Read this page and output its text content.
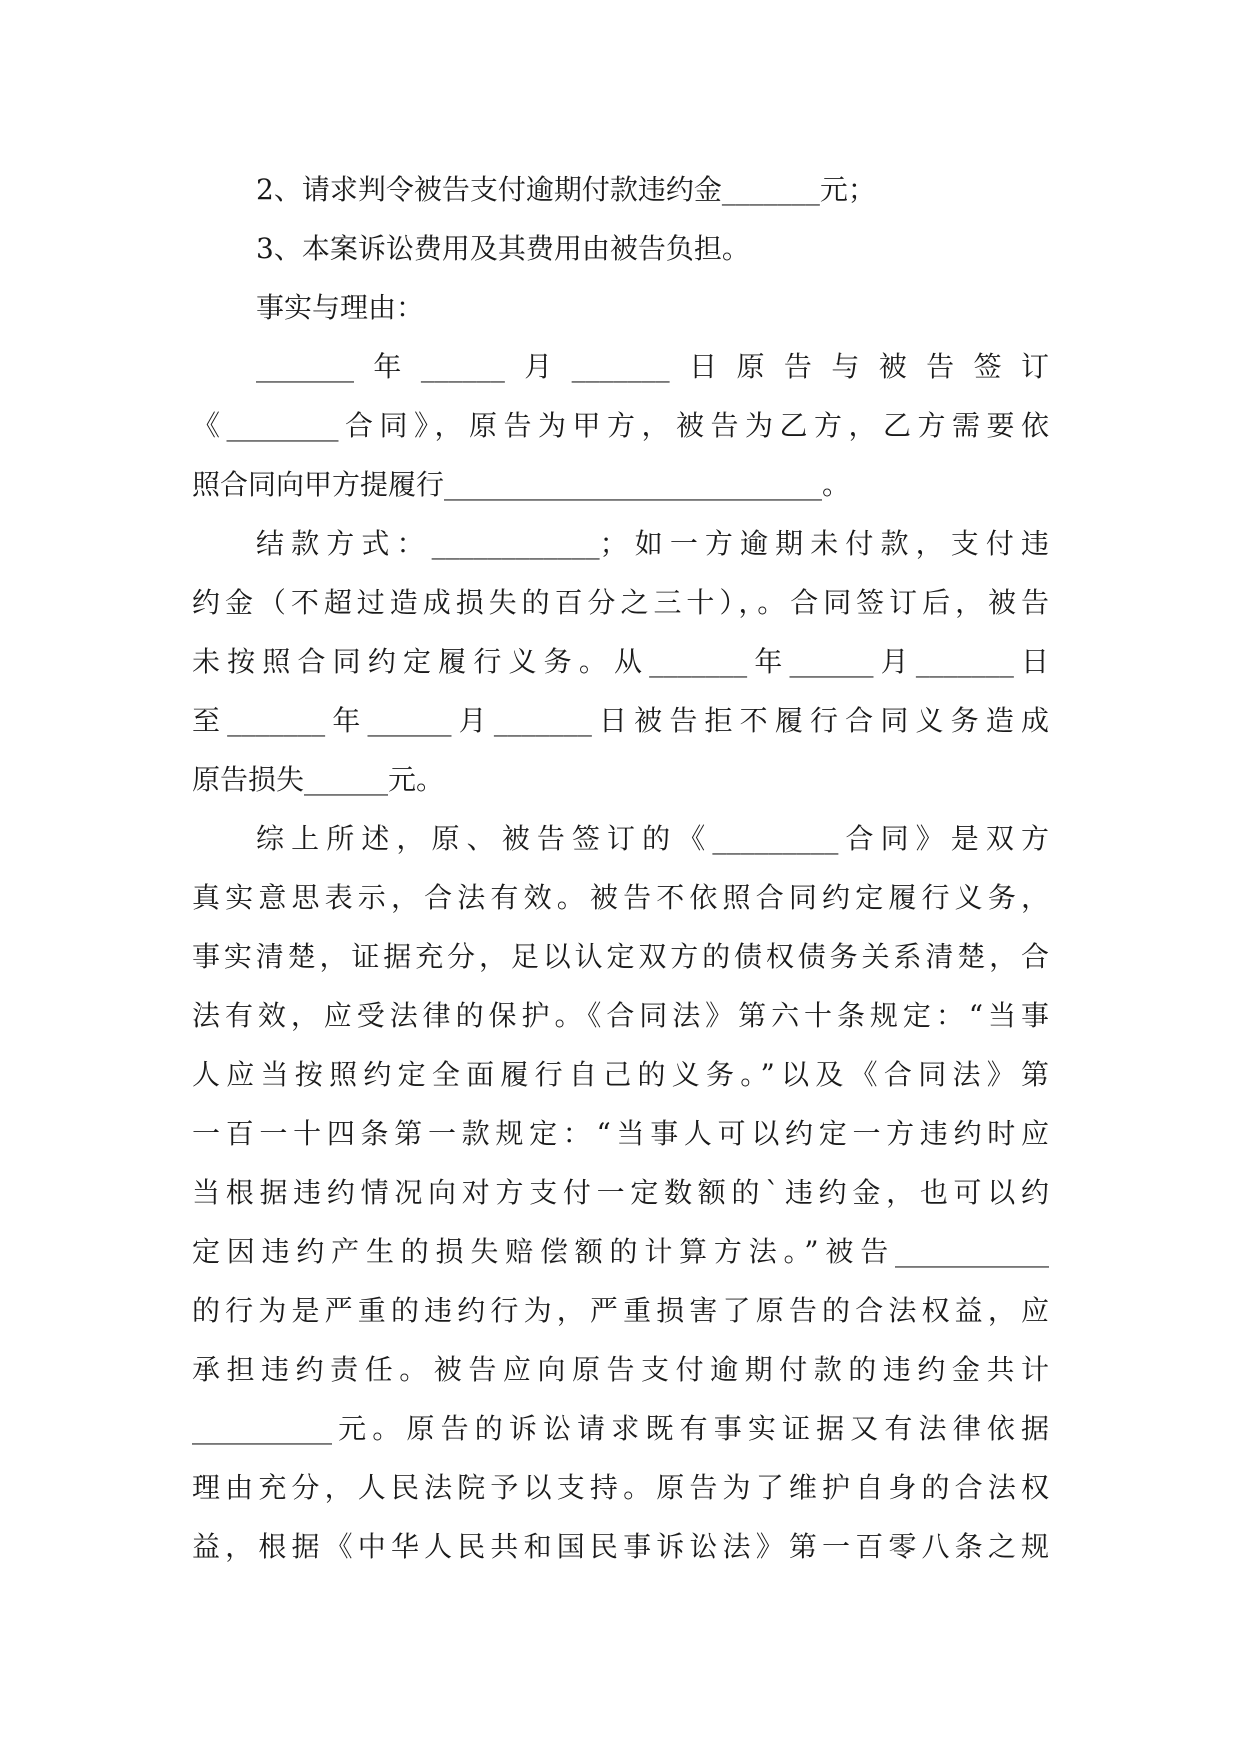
2、请求判令被告支付逾期付款违约金_______元；
3、本案诉讼费用及其费用由被告负担。
事实与理由：
_______年______月_______日原告与被告签订
《________合同》，原告为甲方，被告为乙方，乙方需要依
照合同向甲方提履行___________________________。
结款方式：____________；如一方逾期未付款，支付违
约金（不超过造成损失的百分之三十），。合同签订后，被告
未按照合同约定履行义务。从_______年______月_______日
至_______年______月_______日被告拒不履行合同义务造成
原告损失______元。
综上所述，原、被告签订的《_________合同》是双方
真实意思表示，合法有效。被告不依照合同约定履行义务，
事实清楚，证据充分，足以认定双方的债权债务关系清楚，合
法有效，应受法律的保护。《合同法》第六十条规定：“当事
人应当按照约定全面履行自己的义务。”以及《合同法》第
一百一十四条第一款规定：“当事人可以约定一方违约时应
当根据违约情况向对方支付一定数额的`违约金，也可以约
定因违约产生的损失赔偿额的计算方法。”被告___________
的行为是严重的违约行为，严重损害了原告的合法权益，应
承担违约责任。被告应向原告支付逾期付款的违约金共计
__________元。原告的诉讼请求既有事实证据又有法律依据
理由充分，人民法院予以支持。原告为了维护自身的合法权
益，根据《中华人民共和国民事诉讼法》第一百零八条之规
